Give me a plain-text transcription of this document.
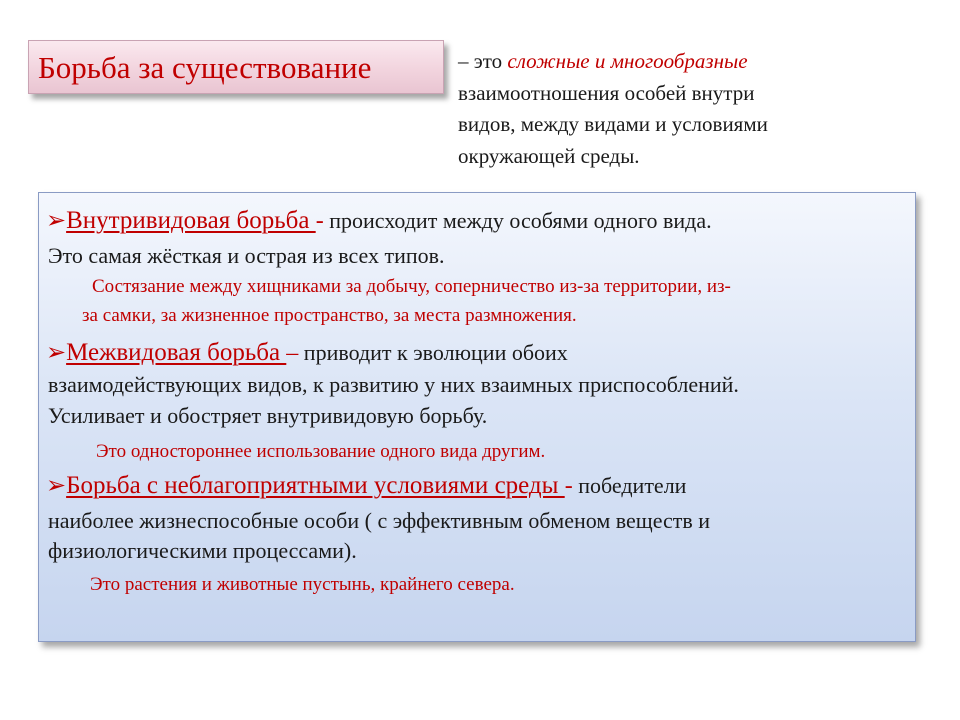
Борьба за существование	– это сложные и многообразные
взаимоотношения особей внутри
видов, между видами и условиями
окружающей среды.
➢Внутривидовая борьба - происходит между особями одного вида.
Это самая жёсткая и острая из всех типов.
Состязание между хищниками за добычу, соперничество из-за территории, из-
за самки, за жизненное пространство, за места размножения.
➢Межвидовая борьба – приводит к эволюции обоих
взаимодействующих видов, к развитию у них взаимных приспособлений.
Усиливает и обостряет внутривидовую борьбу.
Это одностороннее использование одного вида другим.
➢Борьба с неблагоприятными условиями среды - победители
наиболее жизнеспособные особи ( с эффективным обменом веществ и
физиологическими процессами).
Это растения и животные пустынь, крайнего севера.
